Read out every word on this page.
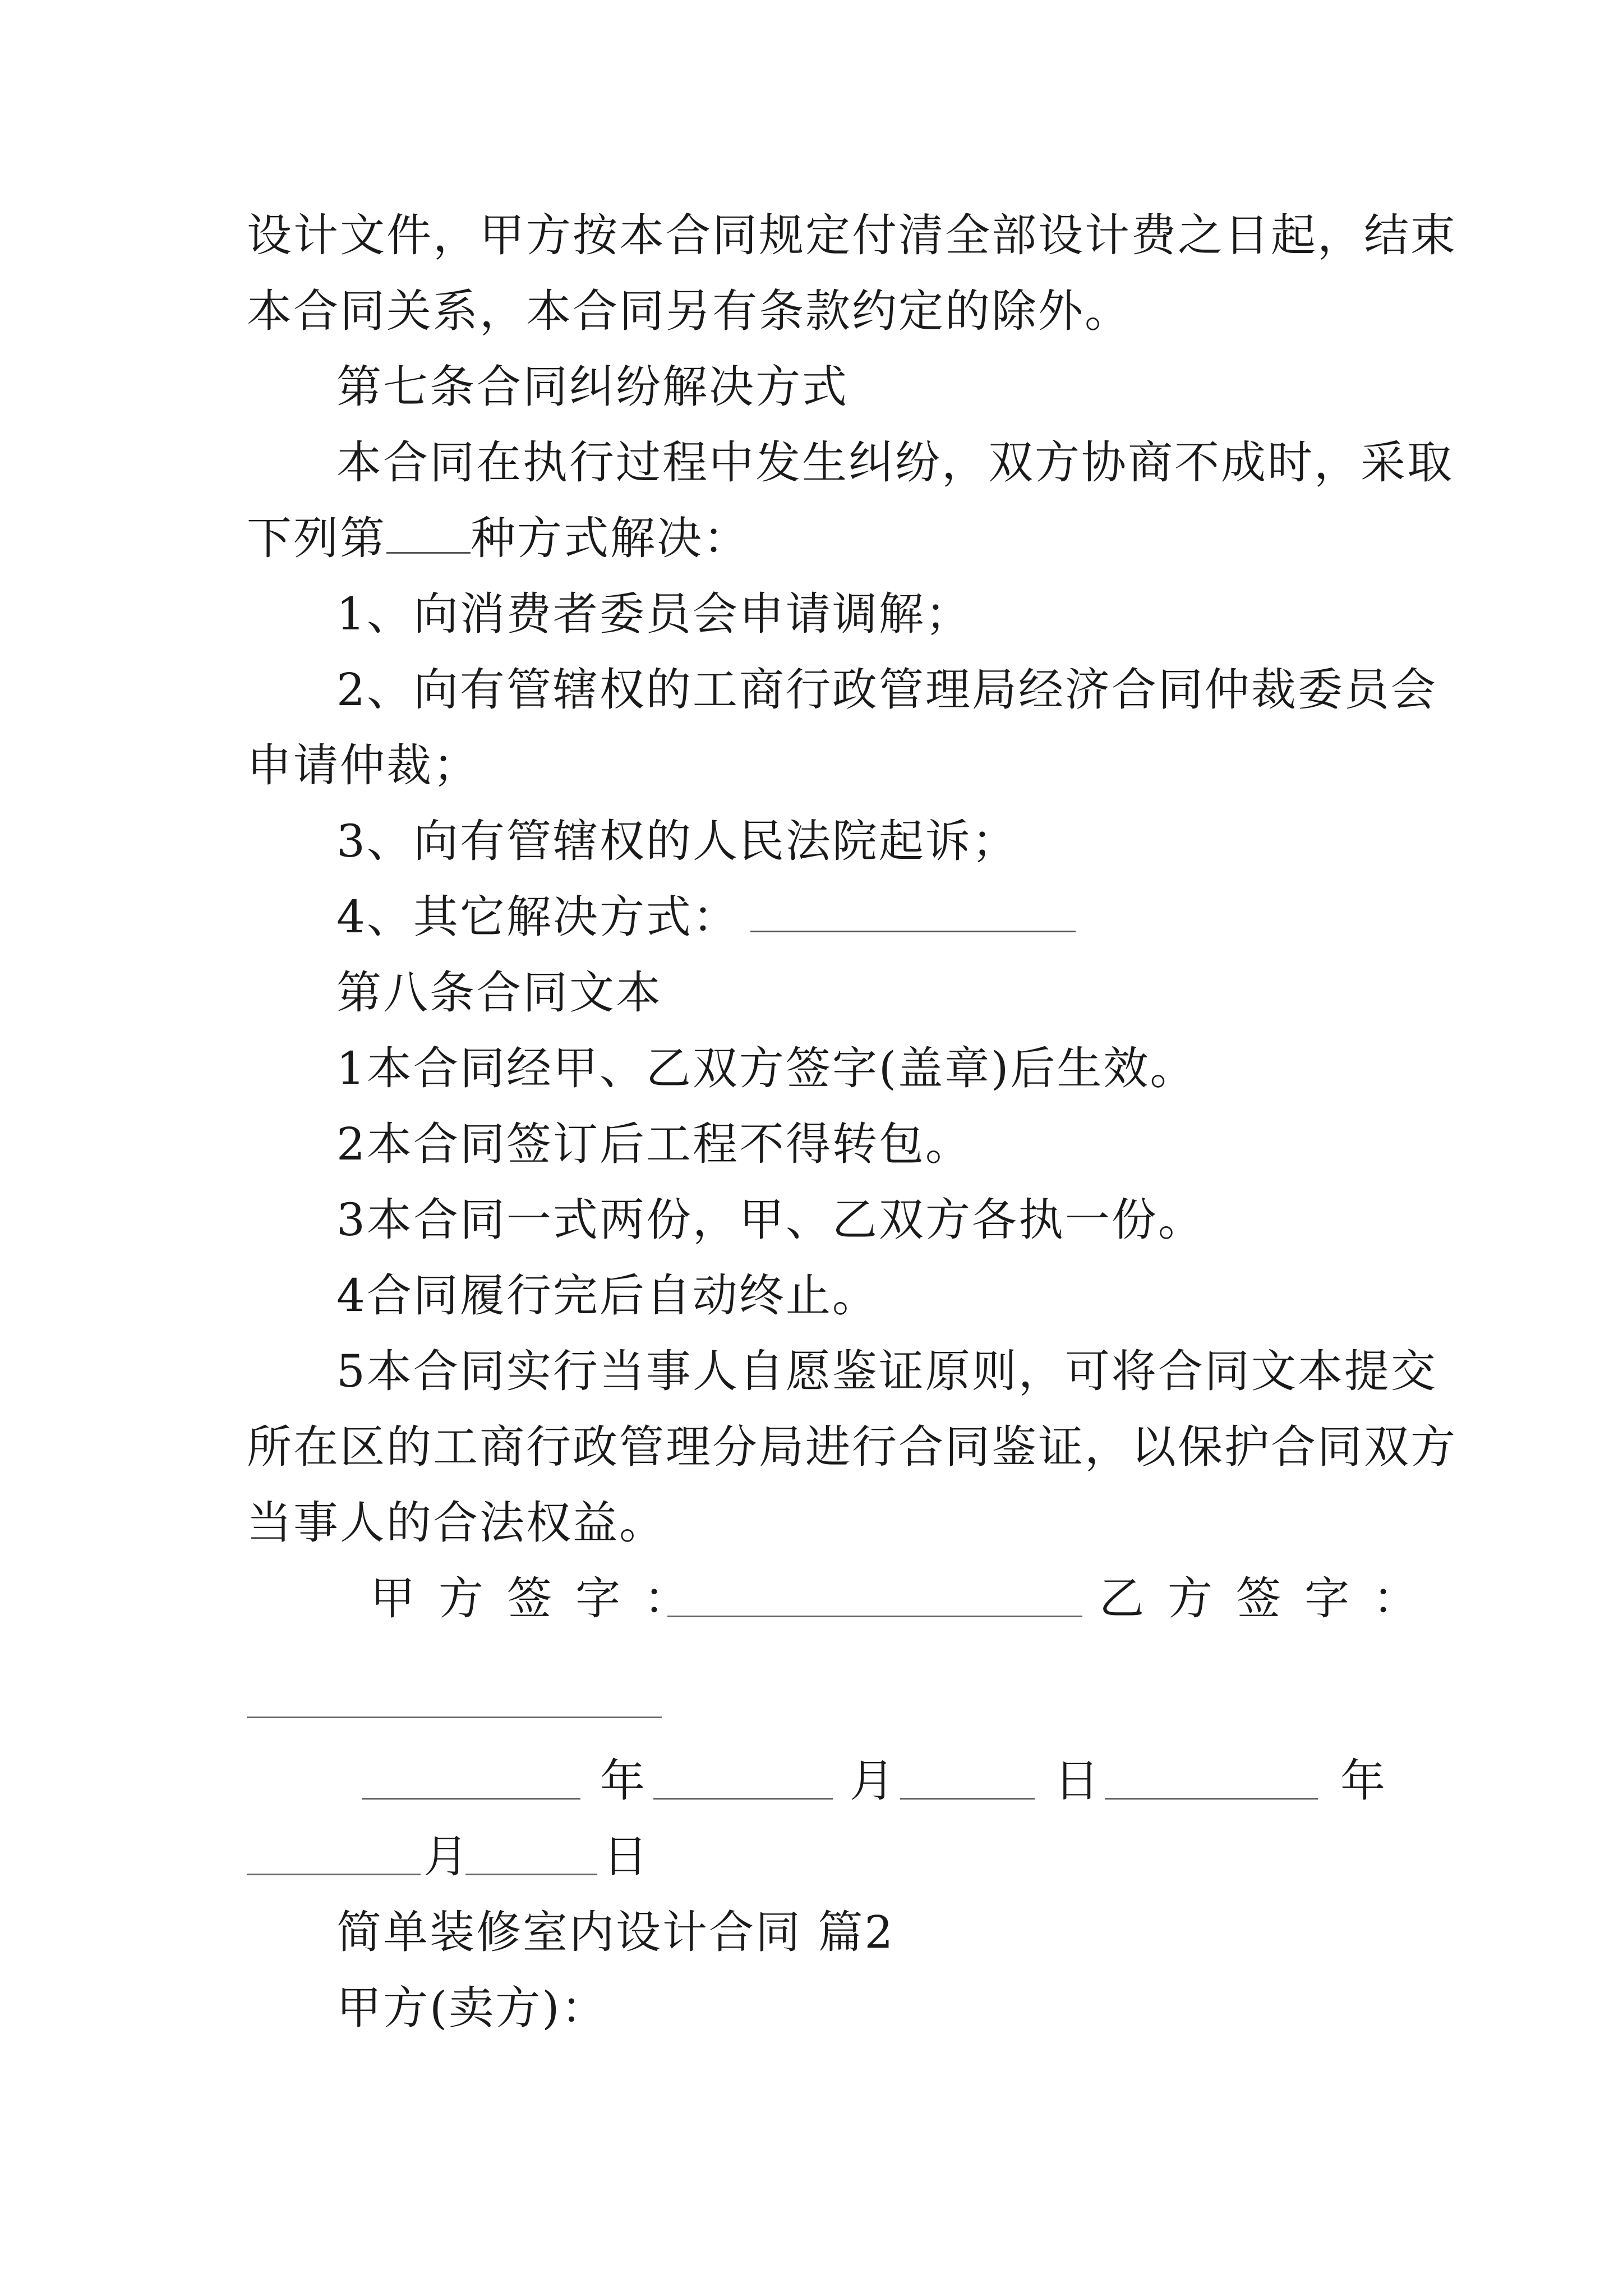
设计文件，甲方按本合同规定付清全部设计费之日起，结束
本合同关系，本合同另有条款约定的除外。
第七条合同纠纷解决方式
本合同在执行过程中发生纠纷，双方协商不成时，采取
下列第 种方式解决：
1、向消费者委员会申请调解；
2、向有管辖权的工商行政管理局经济合同仲裁委员会
申请仲裁；
3、向有管辖权的人民法院起诉；
4、其它解决方式：
第八条合同文本
1本合同经甲、乙双方签字(盖章)后生效。
2本合同签订后工程不得转包。
3本合同一式两份，甲、乙双方各执一份。
4合同履行完后自动终止。
5本合同实行当事人自愿鉴证原则，可将合同文本提交
所在区的工商行政管理分局进行合同鉴证，以保护合同双方
当事人的合法权益。
甲方签字：	乙方签字：
年	月	日	年
月	日
简单装修室内设计合同 篇2
甲方(卖方)：
